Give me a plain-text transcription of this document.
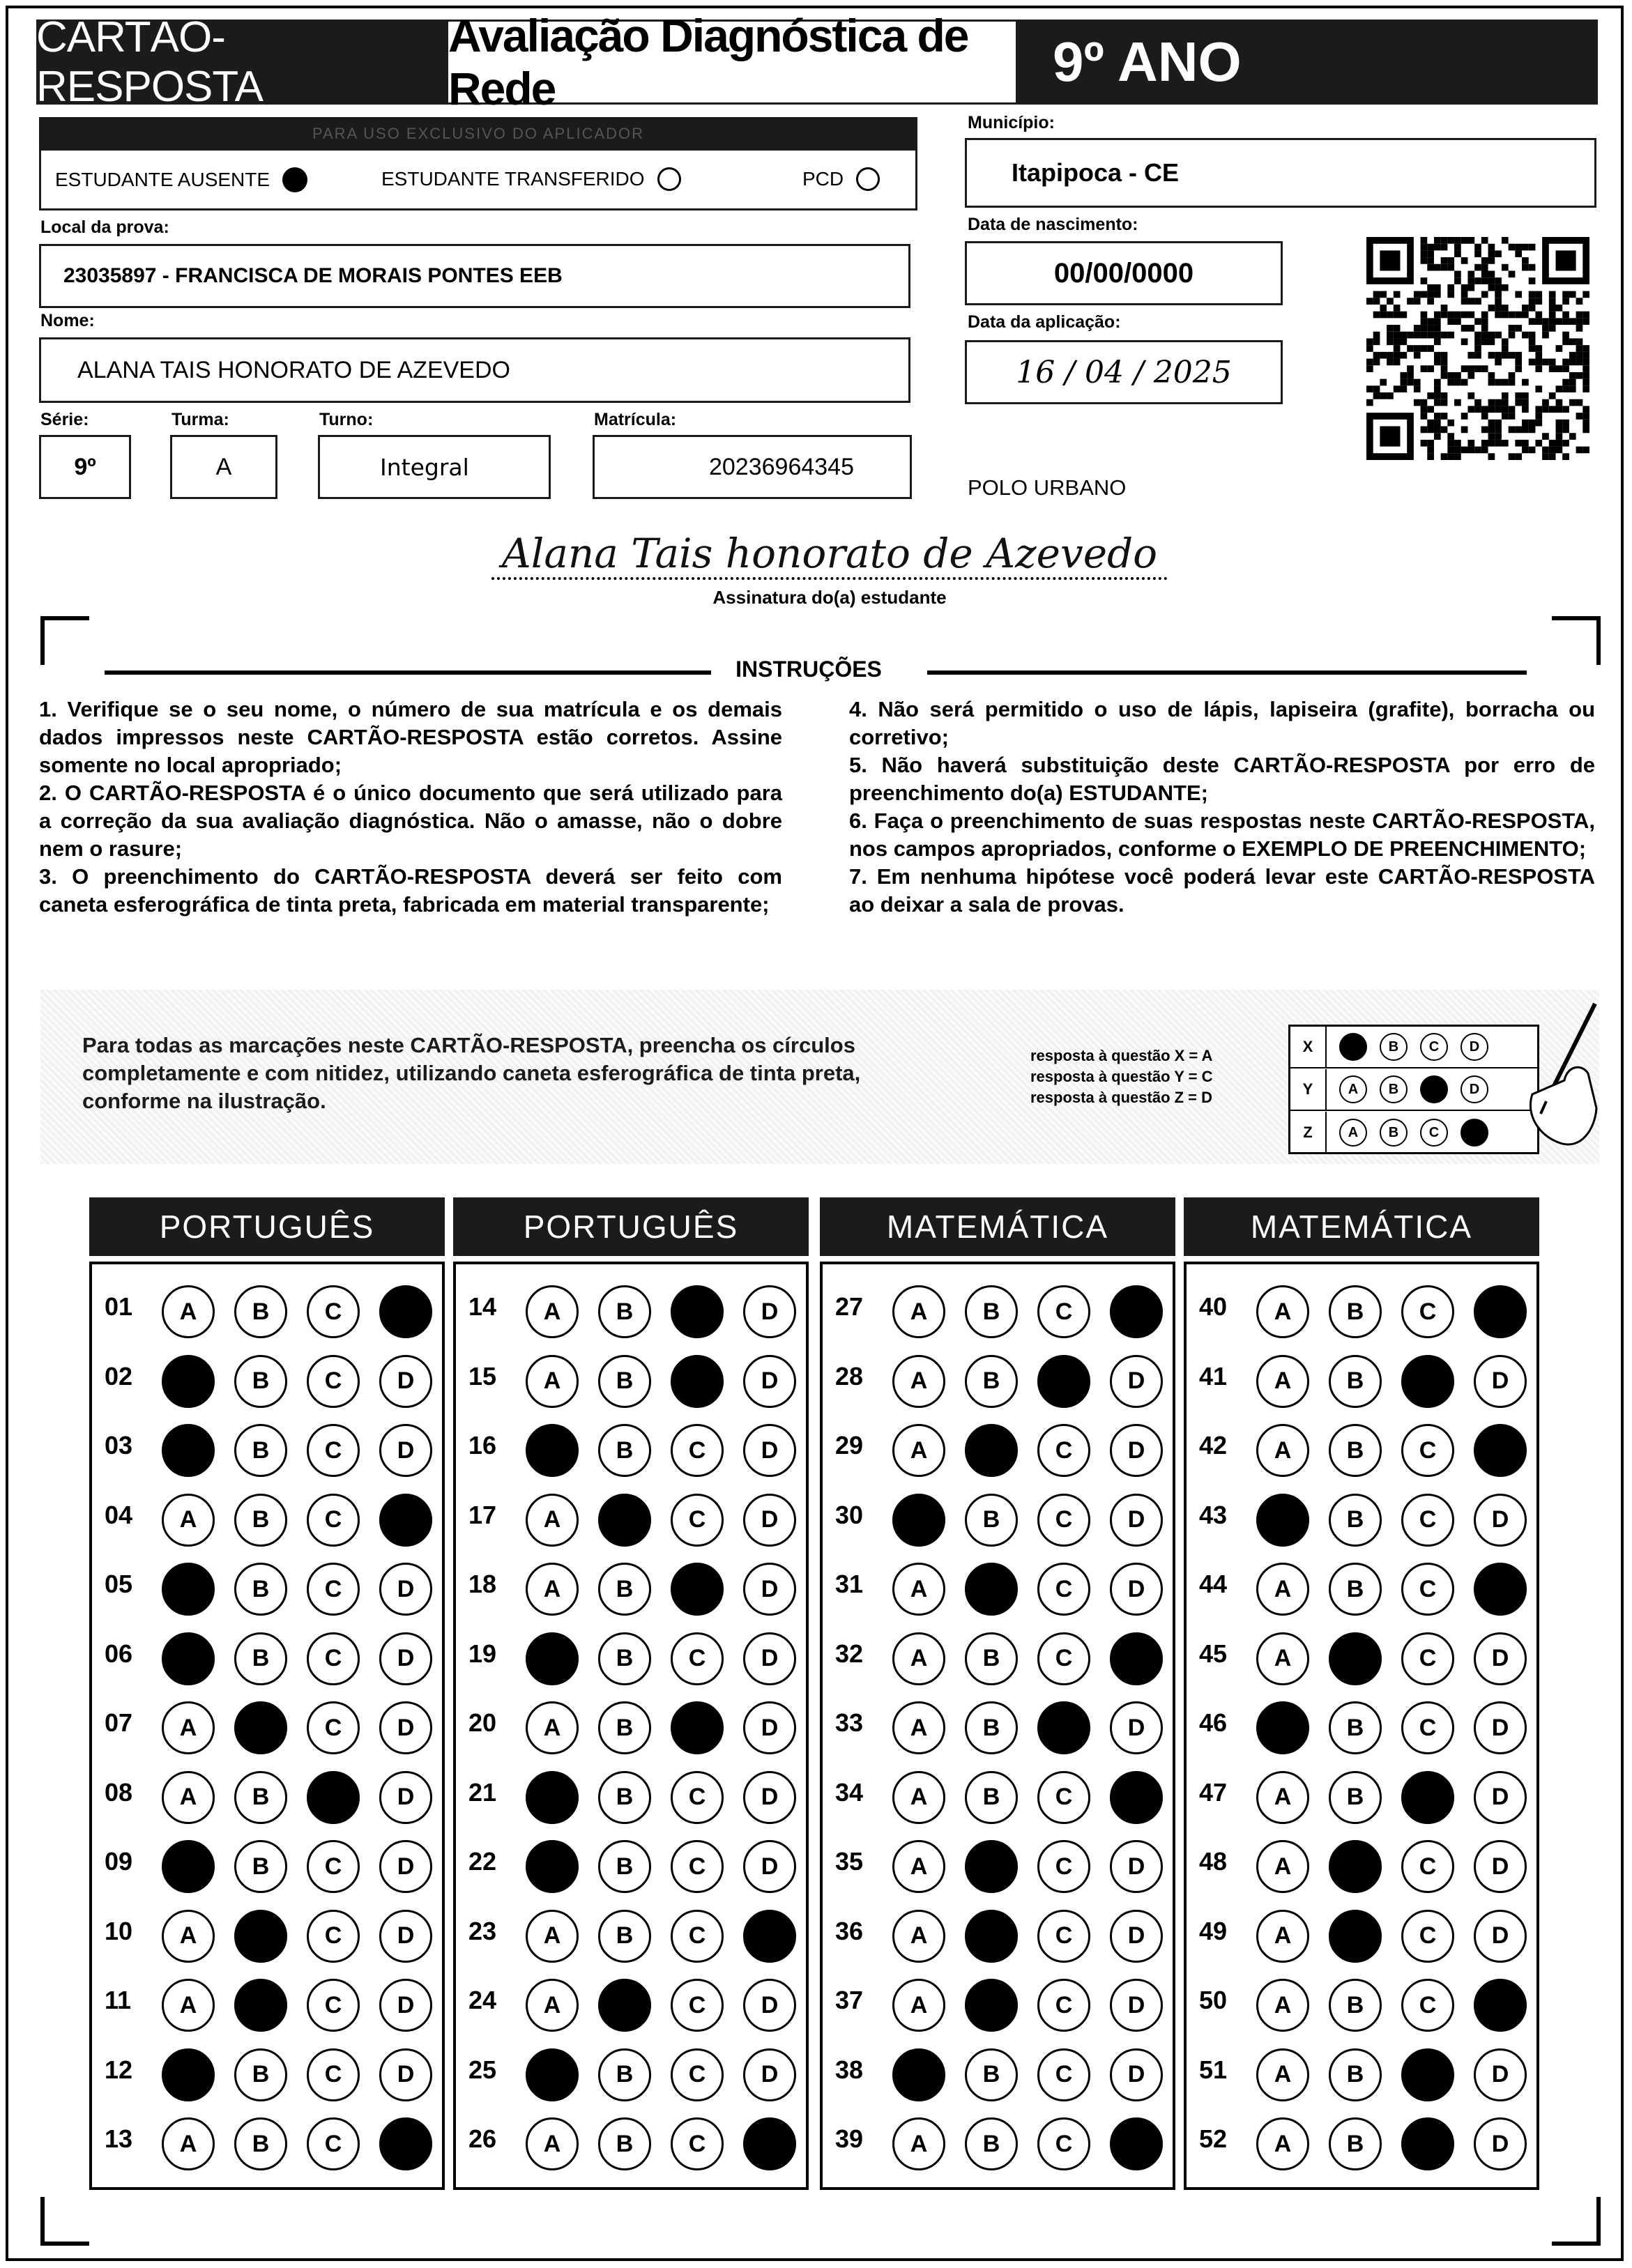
CARTÃO-RESPOSTA
Avaliação Diagnóstica de Rede	9º ANO
PARA USO EXCLUSIVO DO APLICADOR
ESTUDANTE AUSENTE	ESTUDANTE TRANSFERIDO	PCD
Local da prova:
23035897 - FRANCISCA DE MORAIS PONTES EEB
Nome:
ALANA TAIS HONORATO DE AZEVEDO
Série:
9º
Turma:
A
Turno:
Integral
Matrícula:
20236964345
Município:
Itapipoca - CE
Data de nascimento:
00/00/0000
Data da aplicação:
16 / 04 / 2025
POLO URBANO
Alana Tais honorato de Azevedo
Assinatura do(a) estudante
INSTRUÇÕES

1. Verifique se o seu nome, o número de sua matrícula e os demais dados impressos neste CARTÃO-RESPOSTA estão corretos. Assine somente no local apropriado;

2. O CARTÃO-RESPOSTA é o único documento que será utilizado para a correção da sua avaliação diagnóstica. Não o amasse, não o dobre nem o rasure;

3. O preenchimento do CARTÃO-RESPOSTA deverá ser feito com caneta esferográfica de tinta preta, fabricada em material transparente;

4. Não será permitido o uso de lápis, lapiseira (grafite), borracha ou corretivo;

5. Não haverá substituição deste CARTÃO-RESPOSTA por erro de preenchimento do(a) ESTUDANTE;

6. Faça o preenchimento de suas respostas neste CARTÃO-RESPOSTA, nos campos apropriados, conforme o EXEMPLO DE PREENCHIMENTO;

7. Em nenhuma hipótese você poderá levar este CARTÃO-RESPOSTA ao deixar a sala de provas.

Para todas as marcações neste CARTÃO-RESPOSTA, preencha os círculos completamente e com nitidez, utilizando caneta esferográfica de tinta preta, conforme na ilustração.
resposta à questão X = A
resposta à questão Y = C
resposta à questão Z = D
X	A	B	C	D
Y	A	B	C	D
Z	A	B	C	D
PORTUGUÊS
01	A	B	C	D
02	A	B	C	D
03	A	B	C	D
04	A	B	C	D
05	A	B	C	D
06	A	B	C	D
07	A	B	C	D
08	A	B	C	D
09	A	B	C	D
10	A	B	C	D
11	A	B	C	D
12	A	B	C	D
13	A	B	C	D
PORTUGUÊS
14	A	B	C	D
15	A	B	C	D
16	A	B	C	D
17	A	B	C	D
18	A	B	C	D
19	A	B	C	D
20	A	B	C	D
21	A	B	C	D
22	A	B	C	D
23	A	B	C	D
24	A	B	C	D
25	A	B	C	D
26	A	B	C	D
MATEMÁTICA
27	A	B	C	D
28	A	B	C	D
29	A	B	C	D
30	A	B	C	D
31	A	B	C	D
32	A	B	C	D
33	A	B	C	D
34	A	B	C	D
35	A	B	C	D
36	A	B	C	D
37	A	B	C	D
38	A	B	C	D
39	A	B	C	D
MATEMÁTICA
40	A	B	C	D
41	A	B	C	D
42	A	B	C	D
43	A	B	C	D
44	A	B	C	D
45	A	B	C	D
46	A	B	C	D
47	A	B	C	D
48	A	B	C	D
49	A	B	C	D
50	A	B	C	D
51	A	B	C	D
52	A	B	C	D
